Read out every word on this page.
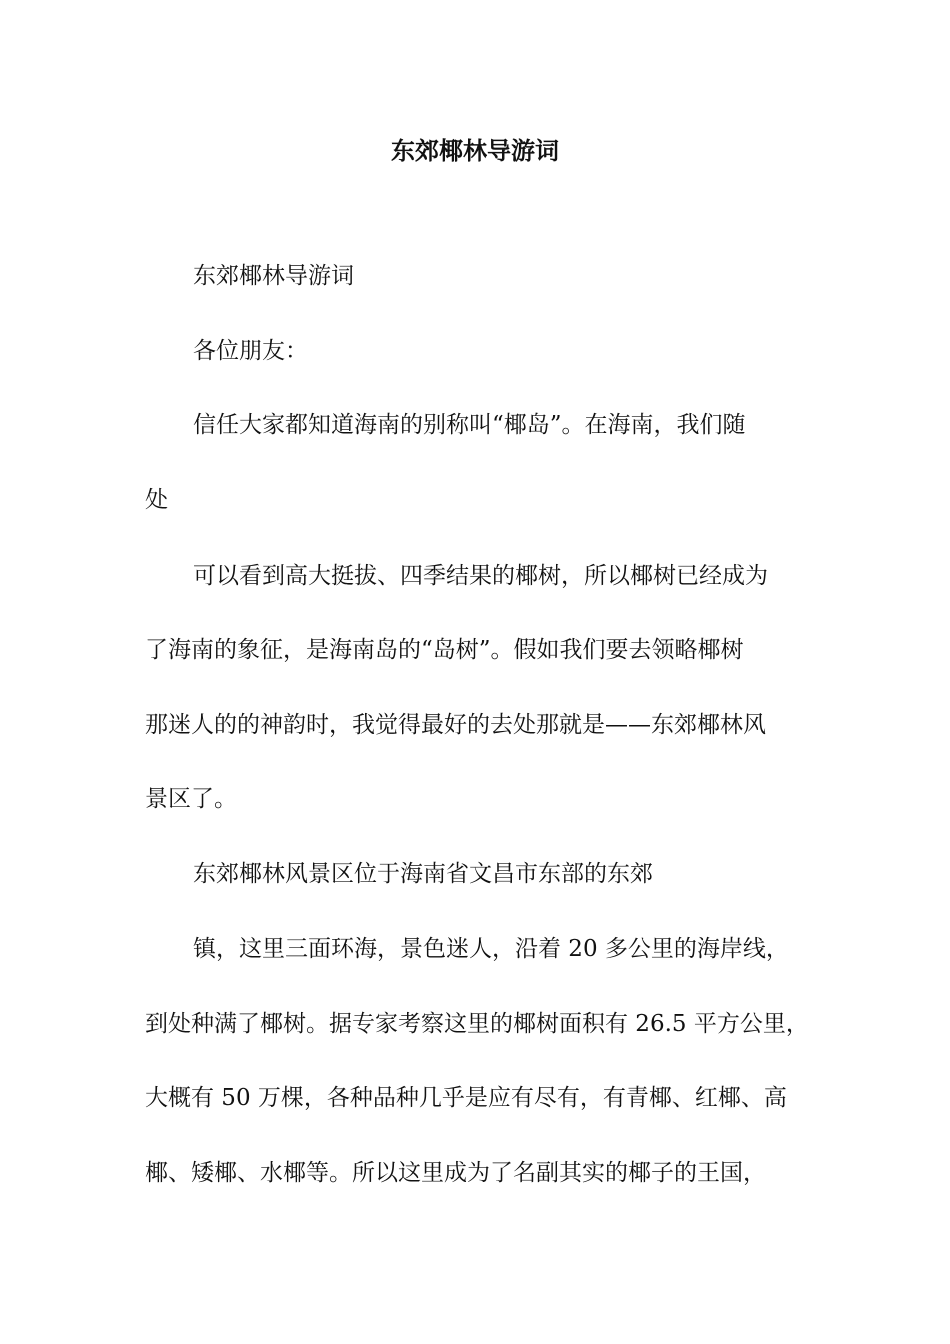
东郊椰林导游词

东郊椰林导游词

各位朋友：

信任大家都知道海南的别称叫“椰岛”。在海南，我们随

处

可以看到高大挺拔、四季结果的椰树，所以椰树已经成为

了海南的象征，是海南岛的“岛树”。假如我们要去领略椰树

那迷人的的神韵时，我觉得最好的去处那就是——东郊椰林风

景区了。

东郊椰林风景区位于海南省文昌市东部的东郊

镇，这里三面环海，景色迷人，沿着 20 多公里的海岸线，

到处种满了椰树。据专家考察这里的椰树面积有 26.5 平方公里，

大概有 50 万棵，各种品种几乎是应有尽有，有青椰、红椰、高

椰、矮椰、水椰等。所以这里成为了名副其实的椰子的王国，
